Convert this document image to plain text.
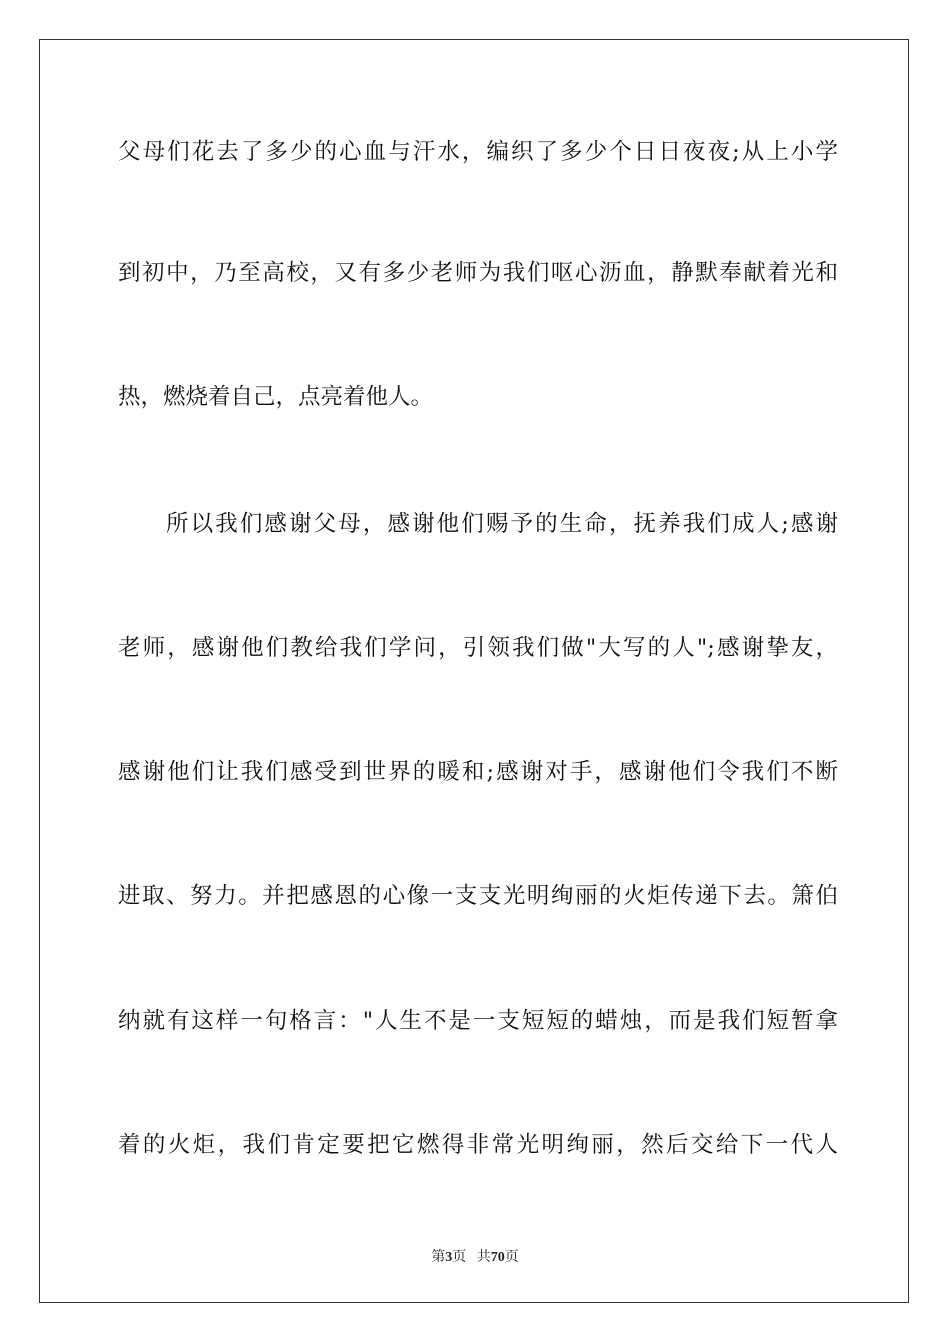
父母们花去了多少的心血与汗水，编织了多少个日日夜夜;从上小学
到初中，乃至高校，又有多少老师为我们呕心沥血，静默奉献着光和
热，燃烧着自己，点亮着他人。
所以我们感谢父母，感谢他们赐予的生命，抚养我们成人;感谢
老师，感谢他们教给我们学问，引领我们做"大写的人";感谢挚友，
感谢他们让我们感受到世界的暖和;感谢对手，感谢他们令我们不断
进取、努力。并把感恩的心像一支支光明绚丽的火炬传递下去。箫伯
纳就有这样一句格言："人生不是一支短短的蜡烛，而是我们短暂拿
着的火炬，我们肯定要把它燃得非常光明绚丽，然后交给下一代人
第3页 共70页
